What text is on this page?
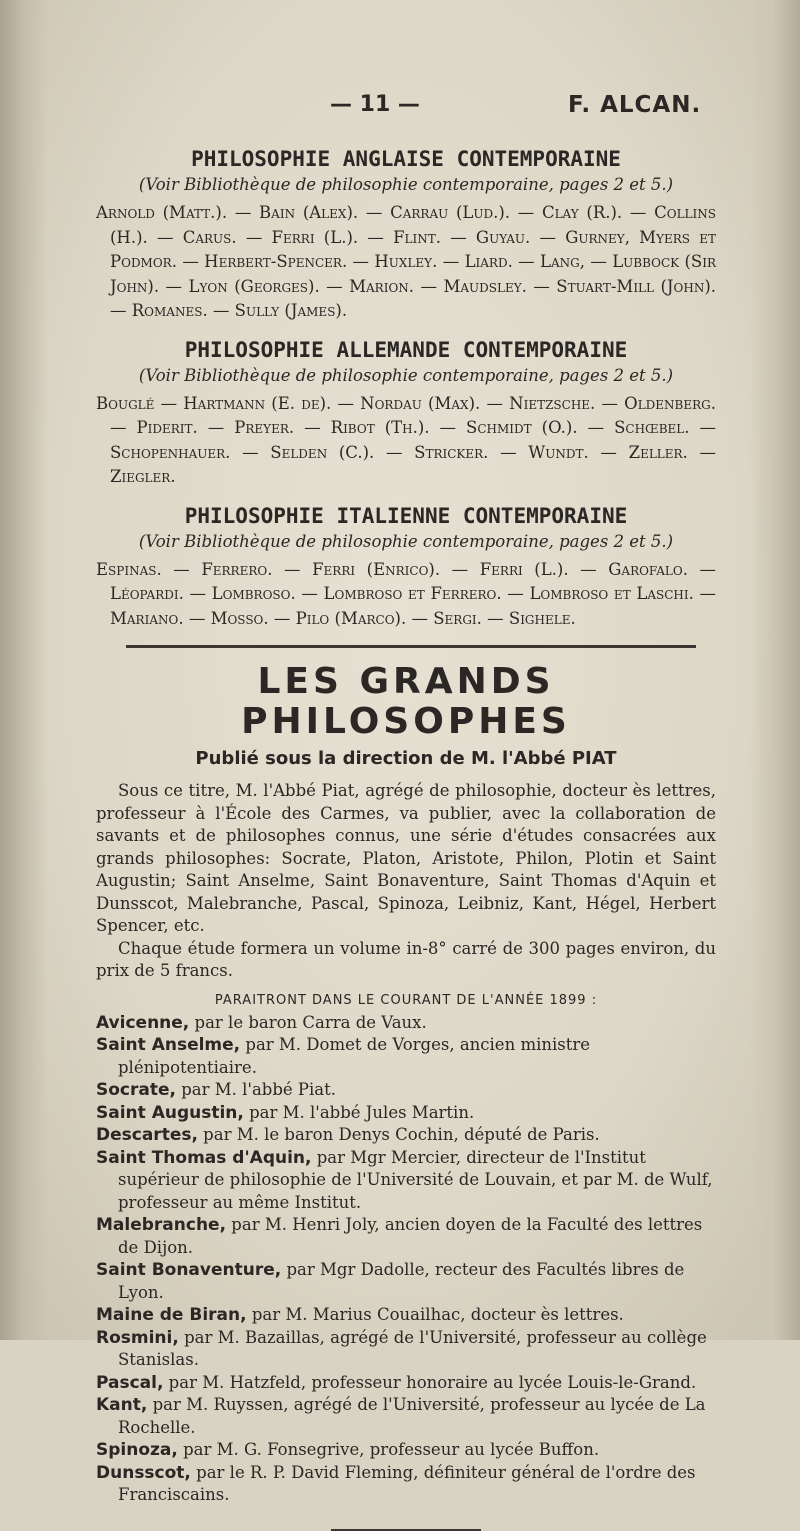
— 11 —	F. ALCAN.

PHILOSOPHIE ANGLAISE CONTEMPORAINE

(Voir Bibliothèque de philosophie contemporaine, pages 2 et 5.)

Arnold (Matt.). — Bain (Alex). — Carrau (Lud.). — Clay (R.). — Collins (H.). — Carus. — Ferri (L.). — Flint. — Guyau. — Gurney, Myers et Podmor. — Herbert-Spencer. — Huxley. — Liard. — Lang, — Lubbock (Sir John). — Lyon (Georges). — Marion. — Maudsley. — Stuart-Mill (John). — Romanes. — Sully (James).

PHILOSOPHIE ALLEMANDE CONTEMPORAINE

(Voir Bibliothèque de philosophie contemporaine, pages 2 et 5.)

Bouglé — Hartmann (E. de). — Nordau (Max). — Nietzsche. — Oldenberg. — Piderit. — Preyer. — Ribot (Th.). — Schmidt (O.). — Schœbel. — Schopenhauer. — Selden (C.). — Stricker. — Wundt. — Zeller. — Ziegler.

PHILOSOPHIE ITALIENNE CONTEMPORAINE

(Voir Bibliothèque de philosophie contemporaine, pages 2 et 5.)

Espinas. — Ferrero. — Ferri (Enrico). — Ferri (L.). — Garofalo. — Léopardi. — Lombroso. — Lombroso et Ferrero. — Lombroso et Laschi. — Mariano. — Mosso. — Pilo (Marco). — Sergi. — Sighele.

LES GRANDS PHILOSOPHES

Publié sous la direction de M. l'Abbé PIAT

Sous ce titre, M. l'Abbé Piat, agrégé de philosophie, docteur ès lettres, professeur à l'École des Carmes, va publier, avec la collaboration de savants et de philosophes connus, une série d'études consacrées aux grands philosophes: Socrate, Platon, Aristote, Philon, Plotin et Saint Augustin; Saint Anselme, Saint Bonaventure, Saint Thomas d'Aquin et Dunsscot, Malebranche, Pascal, Spinoza, Leibniz, Kant, Hégel, Herbert Spencer, etc.

Chaque étude formera un volume in-8° carré de 300 pages environ, du prix de 5 francs.

PARAITRONT DANS LE COURANT DE L'ANNÉE 1899 :

Avicenne, par le baron Carra de Vaux.
Saint Anselme, par M. Domet de Vorges, ancien ministre plénipotentiaire.
Socrate, par M. l'abbé Piat.
Saint Augustin, par M. l'abbé Jules Martin.
Descartes, par M. le baron Denys Cochin, député de Paris.
Saint Thomas d'Aquin, par Mgr Mercier, directeur de l'Institut supérieur de philosophie de l'Université de Louvain, et par M. de Wulf, professeur au même Institut.
Malebranche, par M. Henri Joly, ancien doyen de la Faculté des lettres de Dijon.
Saint Bonaventure, par Mgr Dadolle, recteur des Facultés libres de Lyon.
Maine de Biran, par M. Marius Couailhac, docteur ès lettres.
Rosmini, par M. Bazaillas, agrégé de l'Université, professeur au collège Stanislas.
Pascal, par M. Hatzfeld, professeur honoraire au lycée Louis-le-Grand.
Kant, par M. Ruyssen, agrégé de l'Université, professeur au lycée de La Rochelle.
Spinoza, par M. G. Fonsegrive, professeur au lycée Buffon.
Dunsscot, par le R. P. David Fleming, définiteur général de l'ordre des Franciscains.
